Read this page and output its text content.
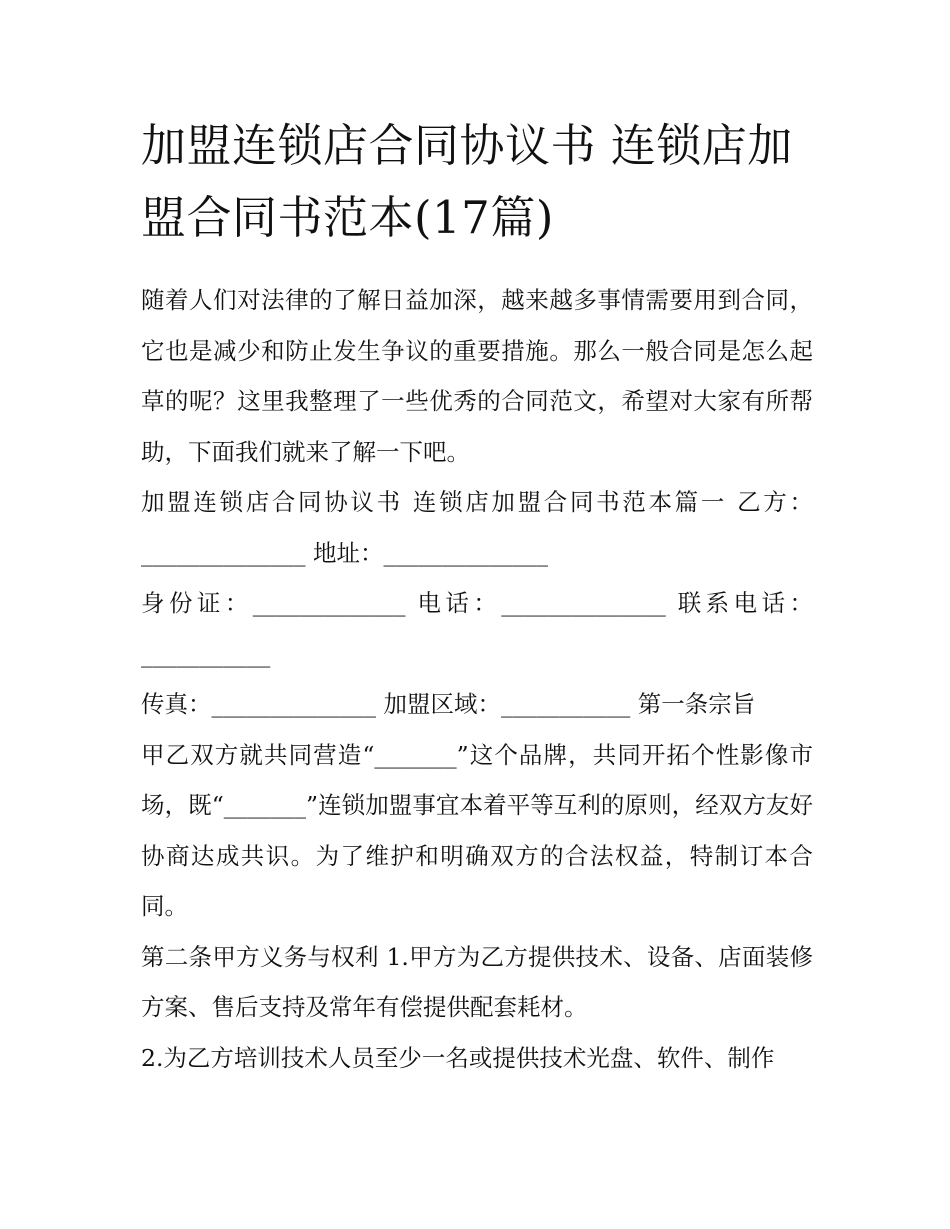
加盟连锁店合同协议书 连锁店加盟合同书范本(17篇)

随着人们对法律的了解日益加深，越来越多事情需要用到合同，它也是减少和防止发生争议的重要措施。那么一般合同是怎么起草的呢？这里我整理了一些优秀的合同范文，希望对大家有所帮助，下面我们就来了解一下吧。

加盟连锁店合同协议书 连锁店加盟合同书范本篇一 乙方：______________ 地址：______________

身份证：_____________ 电话：______________ 联系电话：___________

传真：______________ 加盟区域：___________ 第一条宗旨

甲乙双方就共同营造“_______”这个品牌，共同开拓个性影像市场，既“_______”连锁加盟事宜本着平等互利的原则，经双方友好协商达成共识。为了维护和明确双方的合法权益，特制订本合同。

第二条甲方义务与权利 1.甲方为乙方提供技术、设备、店面装修方案、售后支持及常年有偿提供配套耗材。

2.为乙方培训技术人员至少一名或提供技术光盘、软件、制作
